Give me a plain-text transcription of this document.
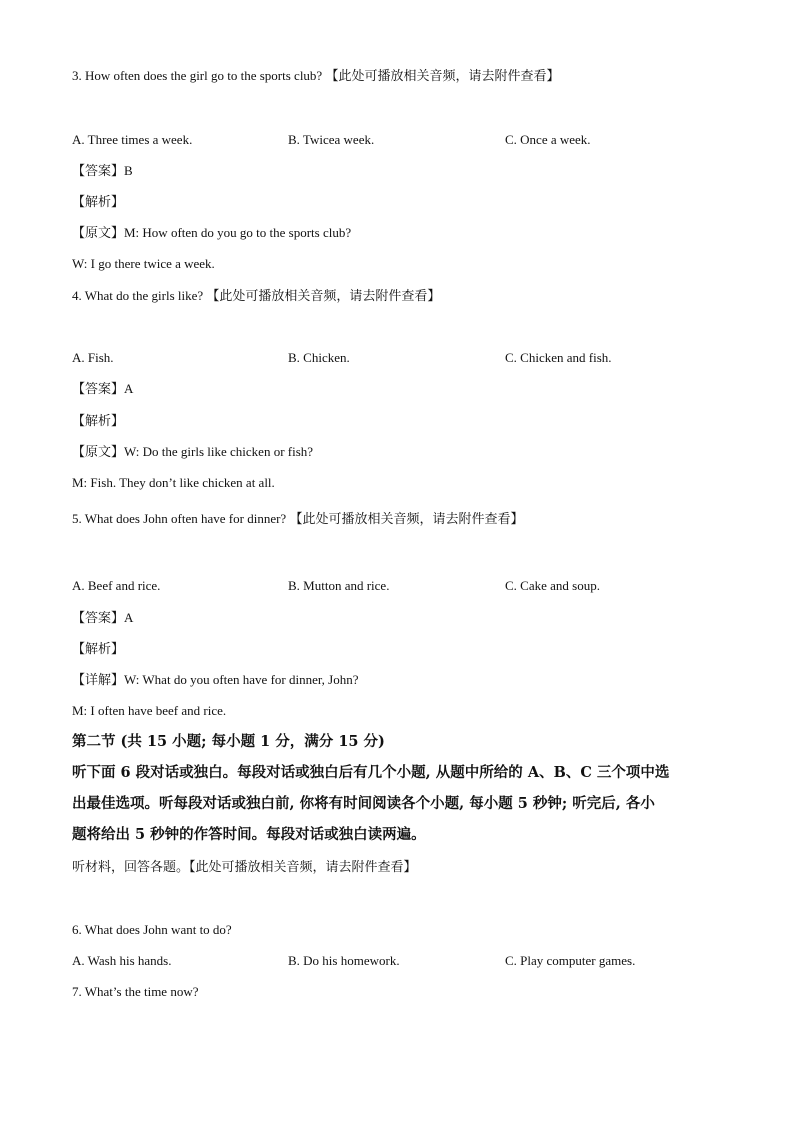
3. How often does the girl go to the sports club? 【此处可播放相关音频，请去附件查看】

A. Three times a week.	B. Twicea week.	C. Once a week.

【答案】B

【解析】

【原文】M: How often do you go to the sports club?

W: I go there twice a week.

4. What do the girls like? 【此处可播放相关音频，请去附件查看】

A. Fish.	B. Chicken.	C. Chicken and fish.

【答案】A

【解析】

【原文】W: Do the girls like chicken or fish?

M: Fish. They don’t like chicken at all.

5. What does John often have for dinner? 【此处可播放相关音频，请去附件查看】

A. Beef and rice.	B. Mutton and rice.	C. Cake and soup.

【答案】A

【解析】

【详解】W: What do you often have for dinner, John?

M: I often have beef and rice.

第二节 (共 15 小题; 每小题 1 分，满分 15 分)

听下面 6 段对话或独白。每段对话或独白后有几个小题, 从题中所给的 A、B、C 三个项中选

出最佳选项。听每段对话或独白前, 你将有时间阅读各个小题, 每小题 5 秒钟; 听完后, 各小

题将给出 5 秒钟的作答时间。每段对话或独白读两遍。

听材料，回答各题。【此处可播放相关音频，请去附件查看】

6. What does John want to do?

A. Wash his hands.	B. Do his homework.	C. Play computer games.

7. What’s the time now?
